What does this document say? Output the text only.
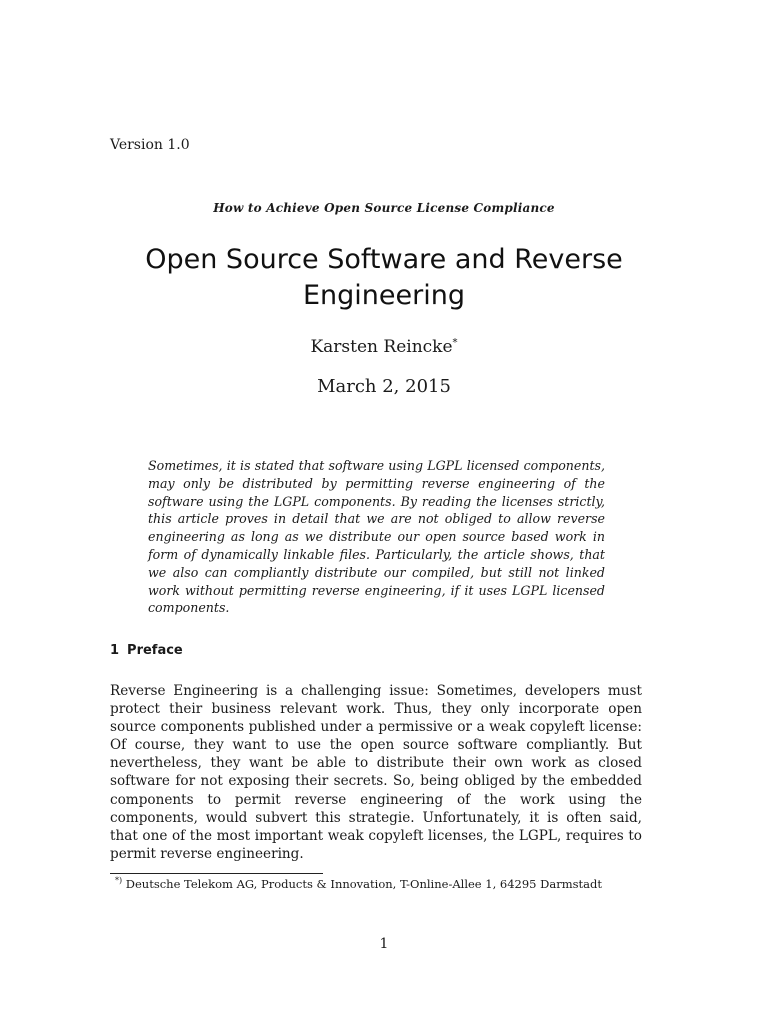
Version 1.0
How to Achieve Open Source License Compliance
Open Source Software and Reverse Engineering
Karsten Reincke*
March 2, 2015

Sometimes, it is stated that software using LGPL licensed components, may only be distributed by permitting reverse engineering of the software using the LGPL components. By reading the licenses strictly, this article proves in detail that we are not obliged to allow reverse engineering as long as we distribute our open source based work in form of dynamically linkable files. Particularly, the article shows, that we also can compliantly distribute our compiled, but still not linked work without permitting reverse engineering, if it uses LGPL licensed components.

1 Preface

Reverse Engineering is a challenging issue: Sometimes, developers must protect their business relevant work. Thus, they only incorporate open source components published under a permissive or a weak copyleft license: Of course, they want to use the open source software compliantly. But nevertheless, they want be able to distribute their own work as closed software for not exposing their secrets. So, being obliged by the embedded components to permit reverse engineering of the work using the components, would subvert this strategie. Unfortunately, it is often said, that one of the most important weak copyleft licenses, the LGPL, requires to permit reverse engineering.

*) Deutsche Telekom AG, Products & Innovation, T-Online-Allee 1, 64295 Darmstadt
1
